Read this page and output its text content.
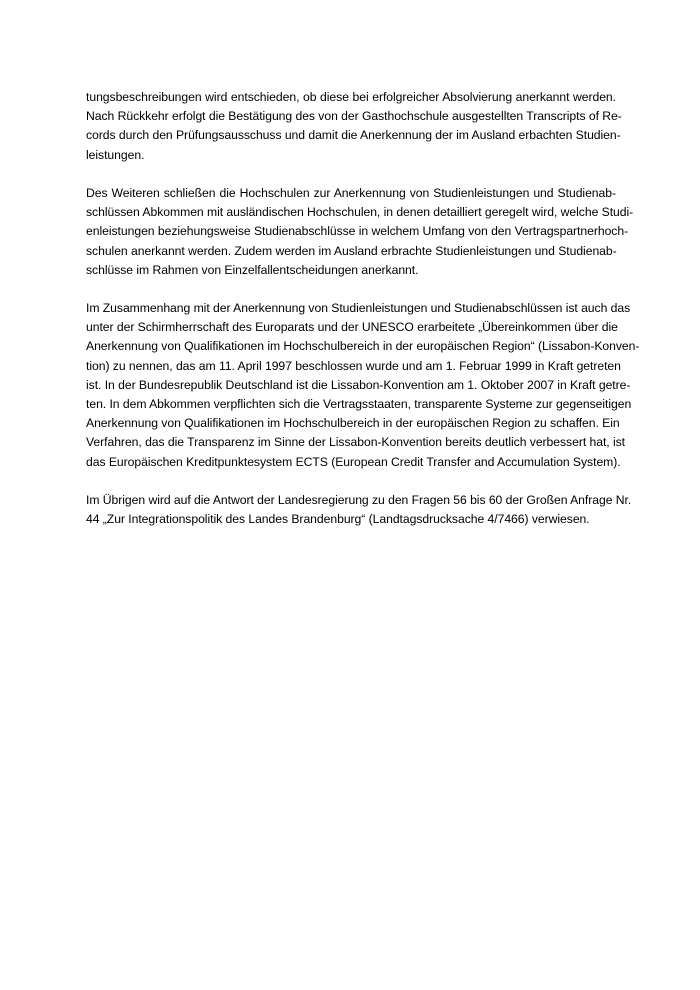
tungsbeschreibungen wird entschieden, ob diese bei erfolgreicher Absolvierung anerkannt werden.
Nach Rückkehr erfolgt die Bestätigung des von der Gasthochschule ausgestellten Transcripts of Re-
cords durch den Prüfungsausschuss und damit die Anerkennung der im Ausland erbachten Studien-
leistungen.
Des Weiteren schließen die Hochschulen zur Anerkennung von Studienleistungen und Studienab-
schlüssen Abkommen mit ausländischen Hochschulen, in denen detailliert geregelt wird, welche Studi-
enleistungen beziehungsweise Studienabschlüsse in welchem Umfang von den Vertragspartnerhoch-
schulen anerkannt werden. Zudem werden im Ausland erbrachte Studienleistungen und Studienab-
schlüsse im Rahmen von Einzelfallentscheidungen anerkannt.
Im Zusammenhang mit der Anerkennung von Studienleistungen und Studienabschlüssen ist auch das
unter der Schirmherrschaft des Europarats und der UNESCO erarbeitete „Übereinkommen über die
Anerkennung von Qualifikationen im Hochschulbereich in der europäischen Region“ (Lissabon-Konven-
tion) zu nennen, das am 11. April 1997 beschlossen wurde und am 1. Februar 1999 in Kraft getreten
ist. In der Bundesrepublik Deutschland ist die Lissabon-Konvention am 1. Oktober 2007 in Kraft getre-
ten. In dem Abkommen verpflichten sich die Vertragsstaaten, transparente Systeme zur gegenseitigen
Anerkennung von Qualifikationen im Hochschulbereich in der europäischen Region zu schaffen. Ein
Verfahren, das die Transparenz im Sinne der Lissabon-Konvention bereits deutlich verbessert hat, ist
das Europäischen Kreditpunktesystem ECTS (European Credit Transfer and Accumulation System).
Im Übrigen wird auf die Antwort der Landesregierung zu den Fragen 56 bis 60 der Großen Anfrage Nr.
44 „Zur Integrationspolitik des Landes Brandenburg“ (Landtagsdrucksache 4/7466) verwiesen.
